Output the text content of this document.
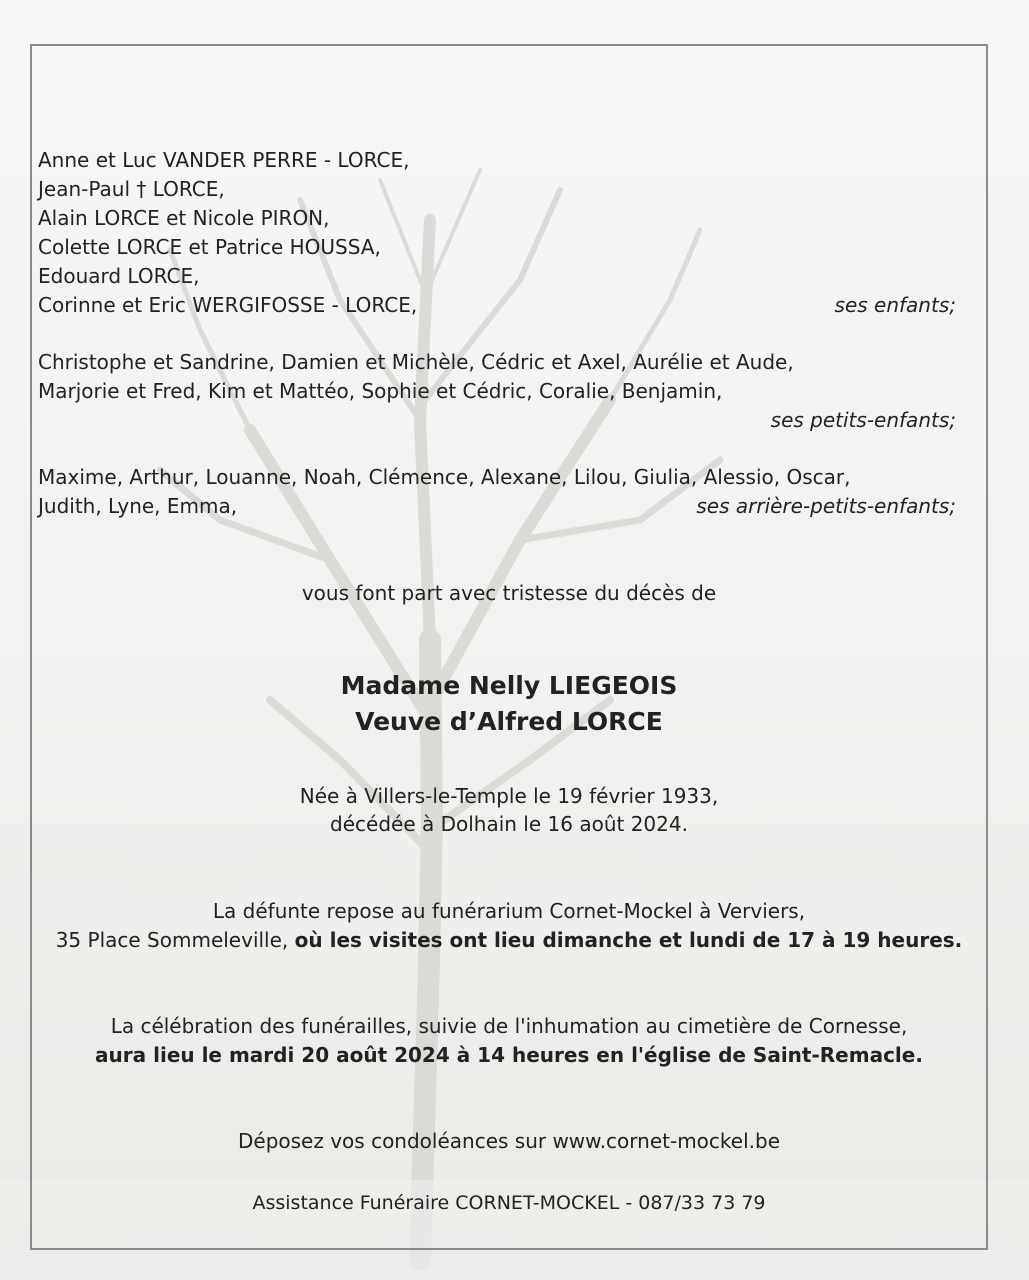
Anne et Luc VANDER PERRE - LORCE,
Jean-Paul † LORCE,
Alain LORCE et Nicole PIRON,
Colette LORCE et Patrice HOUSSA,
Edouard LORCE,
Corinne et Eric WERGIFOSSE - LORCE,	ses enfants;
Christophe et Sandrine, Damien et Michèle, Cédric et Axel, Aurélie et Aude,
Marjorie et Fred, Kim et Mattéo, Sophie et Cédric, Coralie, Benjamin,
ses petits-enfants;
Maxime, Arthur, Louanne, Noah, Clémence, Alexane, Lilou, Giulia, Alessio, Oscar,
Judith, Lyne, Emma,	ses arrière-petits-enfants;
vous font part avec tristesse du décès de
Madame Nelly LIEGEOIS
Veuve d’Alfred LORCE
Née à Villers-le-Temple le 19 février 1933,
décédée à Dolhain le 16 août 2024.
La défunte repose au funérarium Cornet-Mockel à Verviers,
35 Place Sommeleville, où les visites ont lieu dimanche et lundi de 17 à 19 heures.
La célébration des funérailles, suivie de l'inhumation au cimetière de Cornesse,
aura lieu le mardi 20 août 2024 à 14 heures en l'église de Saint-Remacle.
Déposez vos condoléances sur www.cornet-mockel.be
Assistance Funéraire CORNET-MOCKEL - 087/33 73 79
